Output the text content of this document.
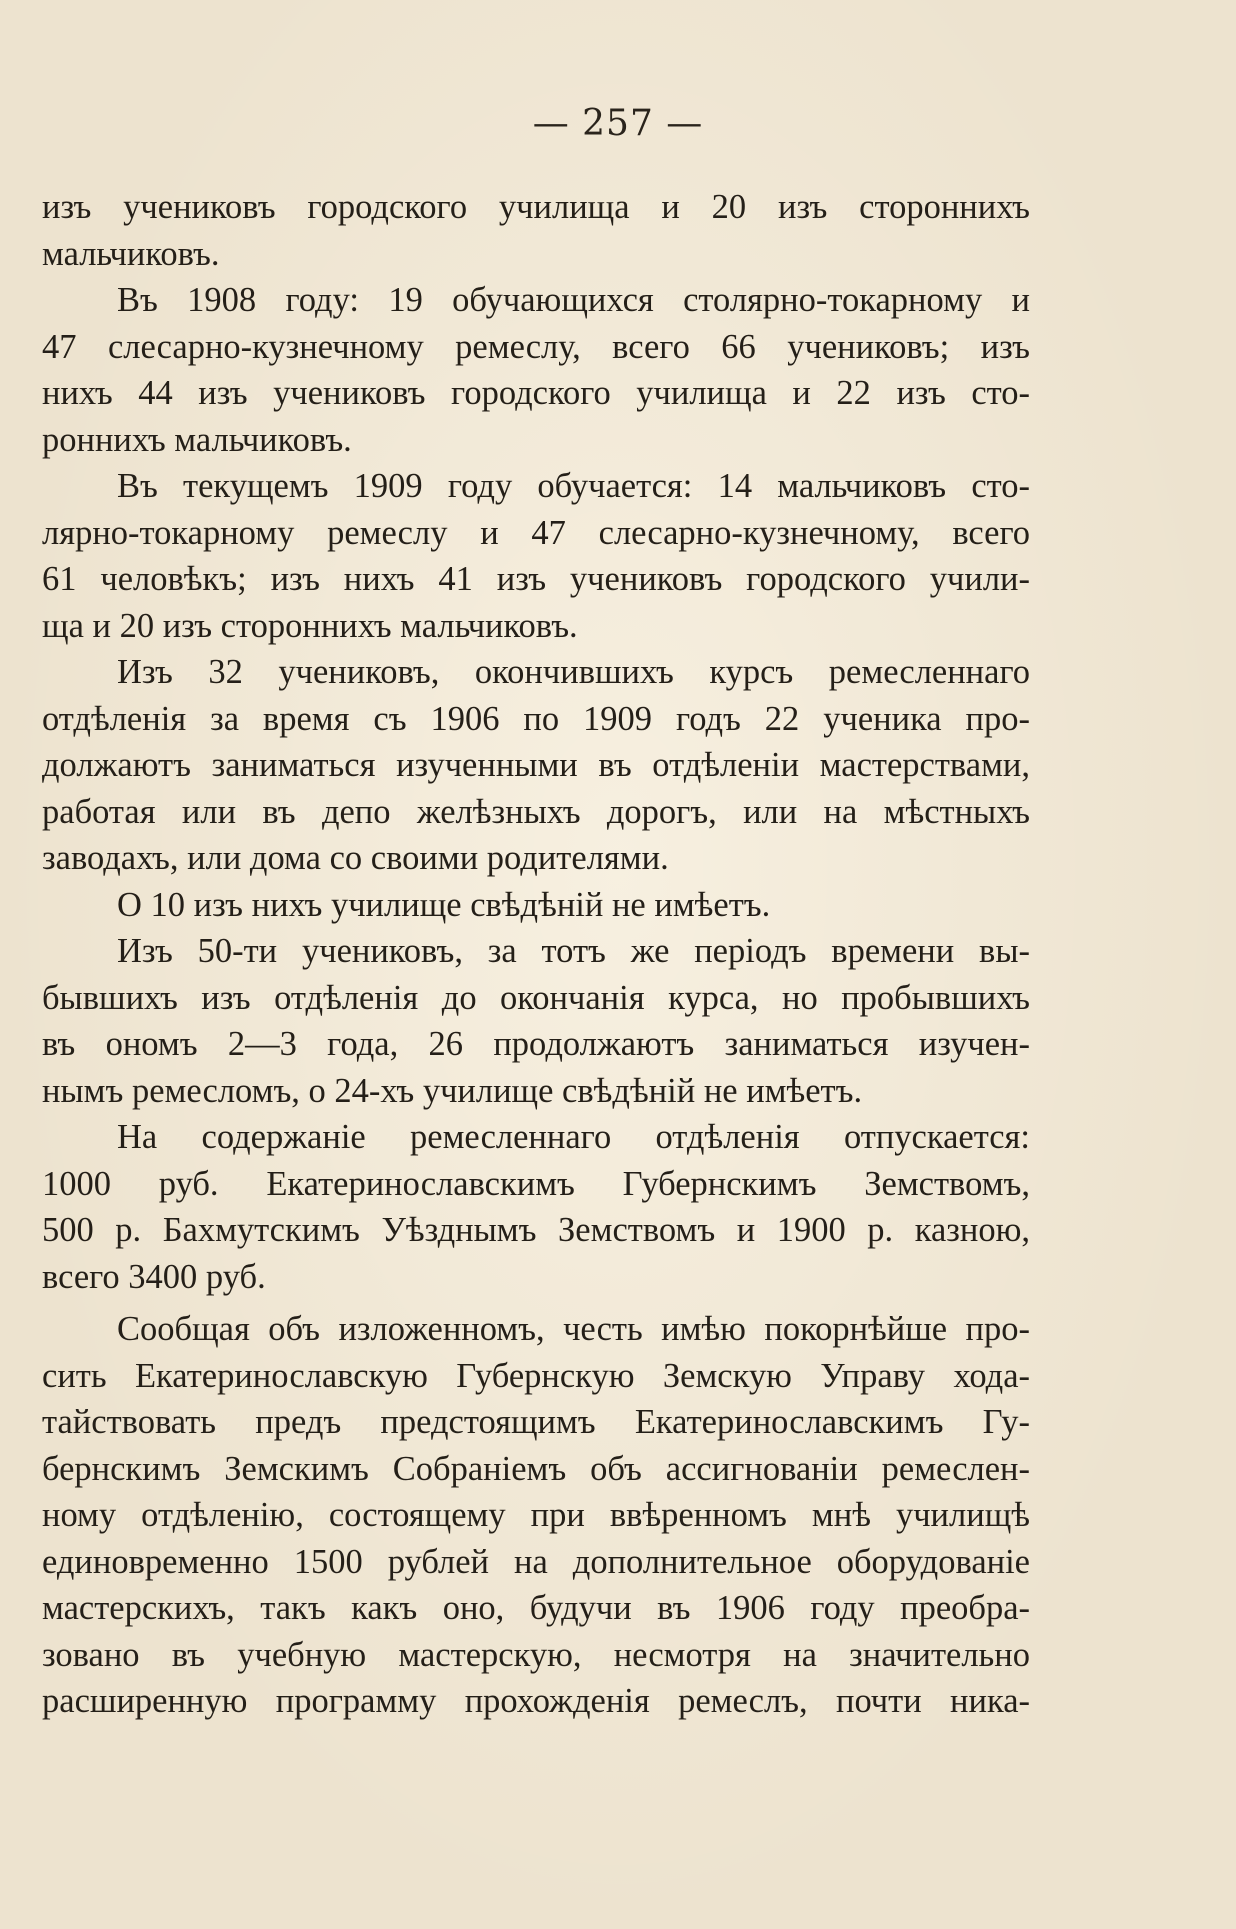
— 257 —
изъ учениковъ городского училища и 20 изъ стороннихъ
мальчиковъ.
Въ 1908 году: 19 обучающихся столярно-токарному и
47 слесарно-кузнечному ремеслу, всего 66 учениковъ; изъ
нихъ 44 изъ учениковъ городского училища и 22 изъ сто-
роннихъ мальчиковъ.
Въ текущемъ 1909 году обучается: 14 мальчиковъ сто-
лярно-токарному ремеслу и 47 слесарно-кузнечному, всего
61 человѣкъ; изъ нихъ 41 изъ учениковъ городского учили-
ща и 20 изъ стороннихъ мальчиковъ.
Изъ 32 учениковъ, окончившихъ курсъ ремесленнаго
отдѣленія за время съ 1906 по 1909 годъ 22 ученика про-
должаютъ заниматься изученными въ отдѣленіи мастерствами,
работая или въ депо желѣзныхъ дорогъ, или на мѣстныхъ
заводахъ, или дома со своими родителями.
О 10 изъ нихъ училище свѣдѣній не имѣетъ.
Изъ 50-ти учениковъ, за тотъ же періодъ времени вы-
бывшихъ изъ отдѣленія до окончанія курса, но пробывшихъ
въ ономъ 2—3 года, 26 продолжаютъ заниматься изучен-
нымъ ремесломъ, о 24-хъ училище свѣдѣній не имѣетъ.
На содержаніе ремесленнаго отдѣленія отпускается:
1000 руб. Екатеринославскимъ Губернскимъ Земствомъ,
500 р. Бахмутскимъ Уѣзднымъ Земствомъ и 1900 р. казною,
всего 3400 руб.
Сообщая объ изложенномъ, честь имѣю покорнѣйше про-
сить Екатеринославскую Губернскую Земскую Управу хода-
тайствовать предъ предстоящимъ Екатеринославскимъ Гу-
бернскимъ Земскимъ Собраніемъ объ ассигнованіи ремеслен-
ному отдѣленію, состоящему при ввѣренномъ мнѣ училищѣ
единовременно 1500 рублей на дополнительное оборудованіе
мастерскихъ, такъ какъ оно, будучи въ 1906 году преобра-
зовано въ учебную мастерскую, несмотря на значительно
расширенную программу прохожденія ремеслъ, почти ника-
